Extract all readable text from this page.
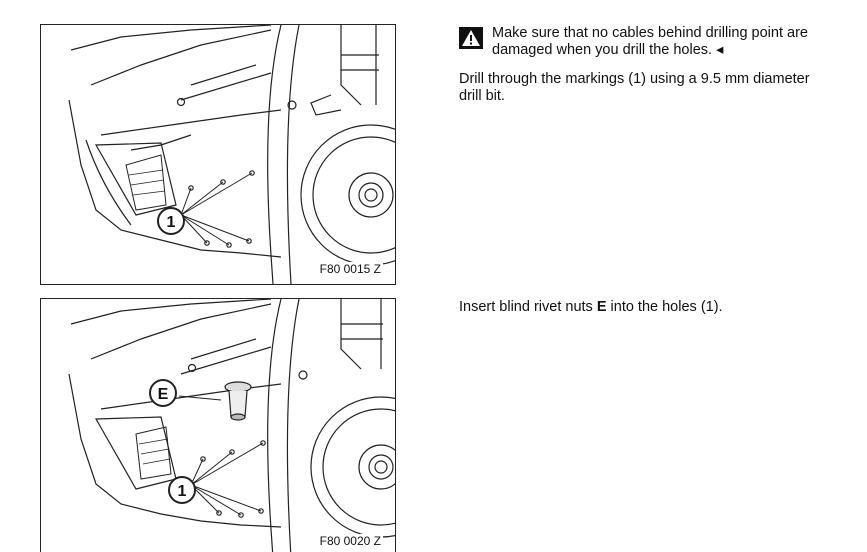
1
F80 0015 Z
E
1
F80 0020 Z
Make sure that no cables behind drilling point are damaged when you drill the holes. ◂
Drill through the markings (1) using a 9.5 mm diameter drill bit.
Insert blind rivet nuts E into the holes (1).
